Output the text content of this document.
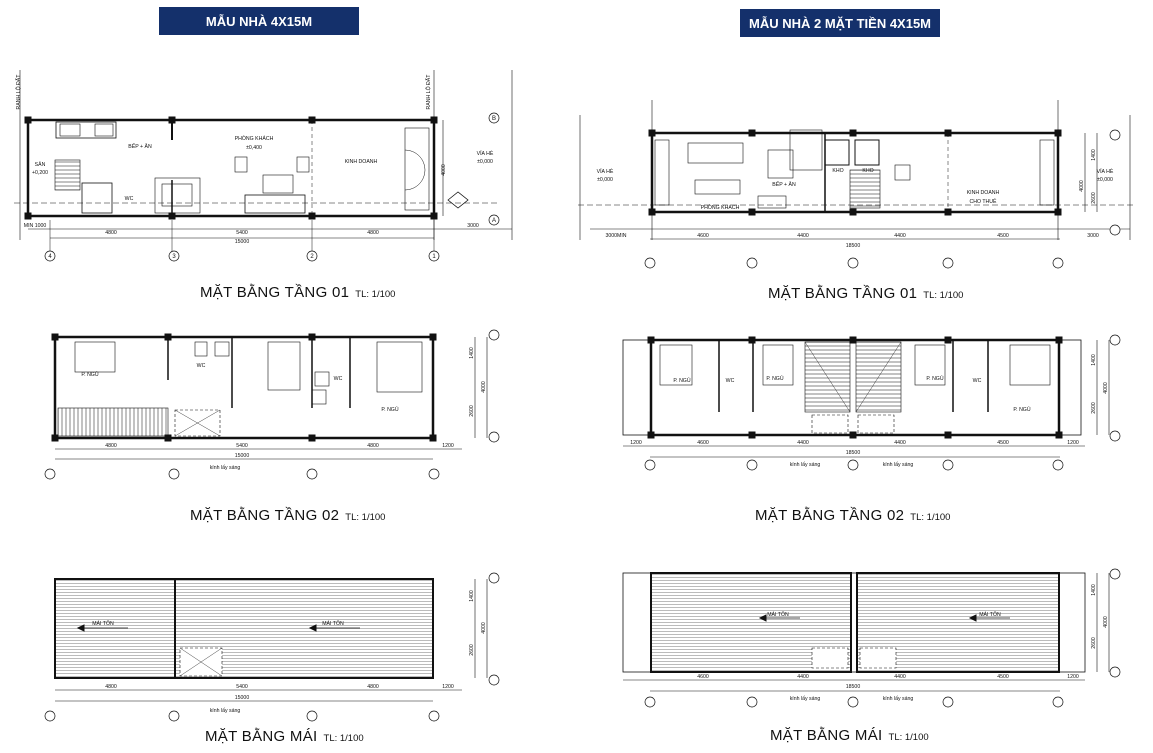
MẪU NHÀ 4X15M	MẪU NHÀ 2 MẶT TIỀN 4X15M
MẶT BẰNG TẦNG 01 TL: 1/100	MẶT BẰNG TẦNG 01 TL: 1/100
MẶT BẰNG TẦNG 02 TL: 1/100	MẶT BẰNG TẦNG 02 TL: 1/100
MẶT BẰNG MÁI TL: 1/100	MẶT BẰNG MÁI TL: 1/100
BẾP + ĂN
PHÒNG KHÁCH
±0,400
KINH DOANH
SÂN
+0,200
WC
VỈA HÈ
±0,000
RANH LỘ ĐẤT	RANH LỘ ĐẤT
MIN 1000
4800	5400	4800
3000
15000
4000
4	3	2	1
B
A
P. NGỦ
WC
WC
P. NGỦ
4800	5400	4800	1200
15000
1400
2600
4000
kính lấy sáng
MÁI TÔN	MÁI TÔN
4800	5400	4800	1200
15000
1400
2600
4000
kính lấy sáng
VỈA HÈ
±0,000
PHÒNG KHÁCH
BẾP + ĂN
KHO	KHO
KINH DOANH
CHO THUÊ
VỈA HÈ
±0,000
3000MIN	4600	4400	4400	4500	3000
18500
1400
2600
4000
P. NGỦ	WC	P. NGỦ	P. NGỦ	WC
P. NGỦ
1200	4600	4400	4400	4500	1200
18500
1400
2600
4000
kính lấy sáng	kính lấy sáng
MÁI TÔN	MÁI TÔN
4600	4400	4400	4500	1200
18500
1400
2600
4000
kính lấy sáng	kính lấy sáng
